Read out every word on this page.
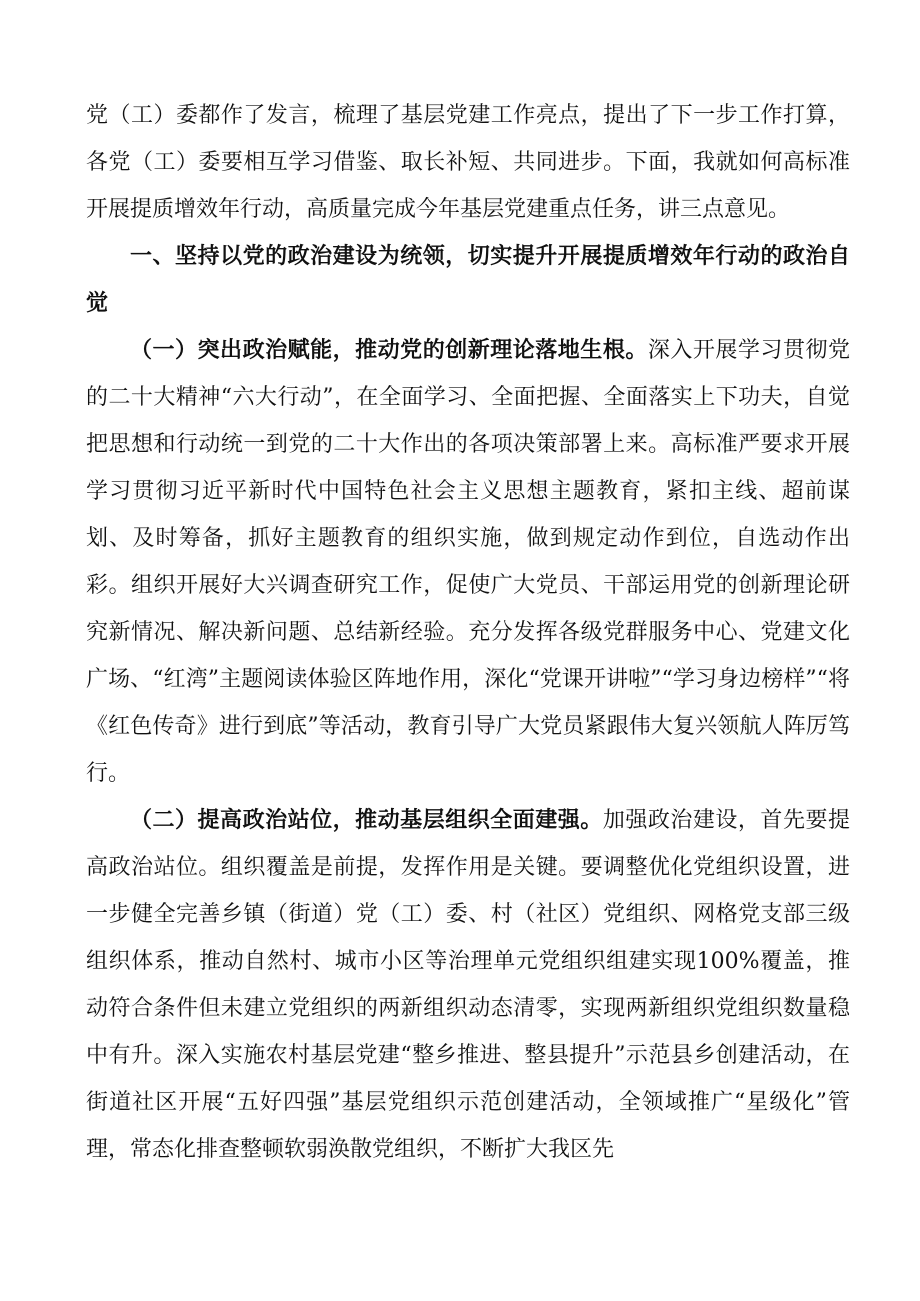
党（工）委都作了发言，梳理了基层党建工作亮点，提出了下一步工作打算，各党（工）委要相互学习借鉴、取长补短、共同进步。下面，我就如何高标准开展提质增效年行动，高质量完成今年基层党建重点任务，讲三点意见。

一、坚持以党的政治建设为统领，切实提升开展提质增效年行动的政治自觉

（一）突出政治赋能，推动党的创新理论落地生根。深入开展学习贯彻党的二十大精神“六大行动”，在全面学习、全面把握、全面落实上下功夫，自觉把思想和行动统一到党的二十大作出的各项决策部署上来。高标准严要求开展学习贯彻习近平新时代中国特色社会主义思想主题教育，紧扣主线、超前谋划、及时筹备，抓好主题教育的组织实施，做到规定动作到位，自选动作出彩。组织开展好大兴调查研究工作，促使广大党员、干部运用党的创新理论研究新情况、解决新问题、总结新经验。充分发挥各级党群服务中心、党建文化广场、“红湾”主题阅读体验区阵地作用，深化“党课开讲啦”“学习身边榜样”“将《红色传奇》进行到底”等活动，教育引导广大党员紧跟伟大复兴领航人阵厉笃行。

（二）提高政治站位，推动基层组织全面建强。加强政治建设，首先要提高政治站位。组织覆盖是前提，发挥作用是关键。要调整优化党组织设置，进一步健全完善乡镇（街道）党（工）委、村（社区）党组织、网格党支部三级组织体系，推动自然村、城市小区等治理单元党组织组建实现100%覆盖，推动符合条件但未建立党组织的两新组织动态清零，实现两新组织党组织数量稳中有升。深入实施农村基层党建“整乡推进、整县提升”示范县乡创建活动，在街道社区开展“五好四强”基层党组织示范创建活动，全领域推广“星级化”管理，常态化排查整顿软弱涣散党组织，不断扩大我区先
